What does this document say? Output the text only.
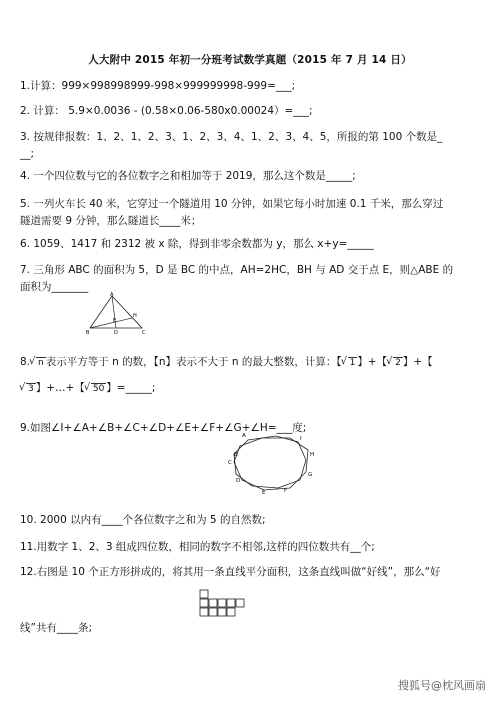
人大附中 2015 年初一分班考试数学真题（2015 年 7 月 14 日）
1.计算：999×998998999-998×999999998-999=___;
2. 计算： 5.9×0.0036 - (0.58×0.06-580x0.00024）=___;
3. 按规律报数：1、2、1、2、3、1、2、3、4、1、2、3、4、5，所报的第 100 个数是_
__;
4. 一个四位数与它的各位数字之和相加等于 2019，那么这个数是_____;
5. 一列火车长 40 米，它穿过一个隧道用 10 分钟，如果它每小时加速 0.1 千米，那么穿过
隧道需要 9 分钟，那么隧道长____米；
6. 1059、1417 和 2312 被 x 除，得到非零余数都为 y，那么 x+y=_____
7. 三角形 ABC 的面积为 5，D 是 BC 的中点，AH=2HC，BH 与 AD 交于点 E，则△ABE 的
面积为_______
A
B	C
D
E
H
8. √ n 表示平方等于 n 的数，【n】表示不大于 n 的最大整数，计算：【 √ 1 】+【 √ 2 】+【
√ 3 】+…+【 √ 50 】=_____;
9.如图∠I+∠A+∠B+∠C+∠D+∠E+∠F+∠G+∠H=___度;
A
B
C
D
E	F
G
H
I
10. 2000 以内有____个各位数字之和为 5 的自然数;
11.用数字 1、2、3 组成四位数，相同的数字不相邻,这样的四位数共有__个;
12.右图是 10 个正方形拼成的，将其用一条直线平分面积，这条直线叫做“好线”，那么“好
线”共有____条;
搜狐号@枕风画扇
